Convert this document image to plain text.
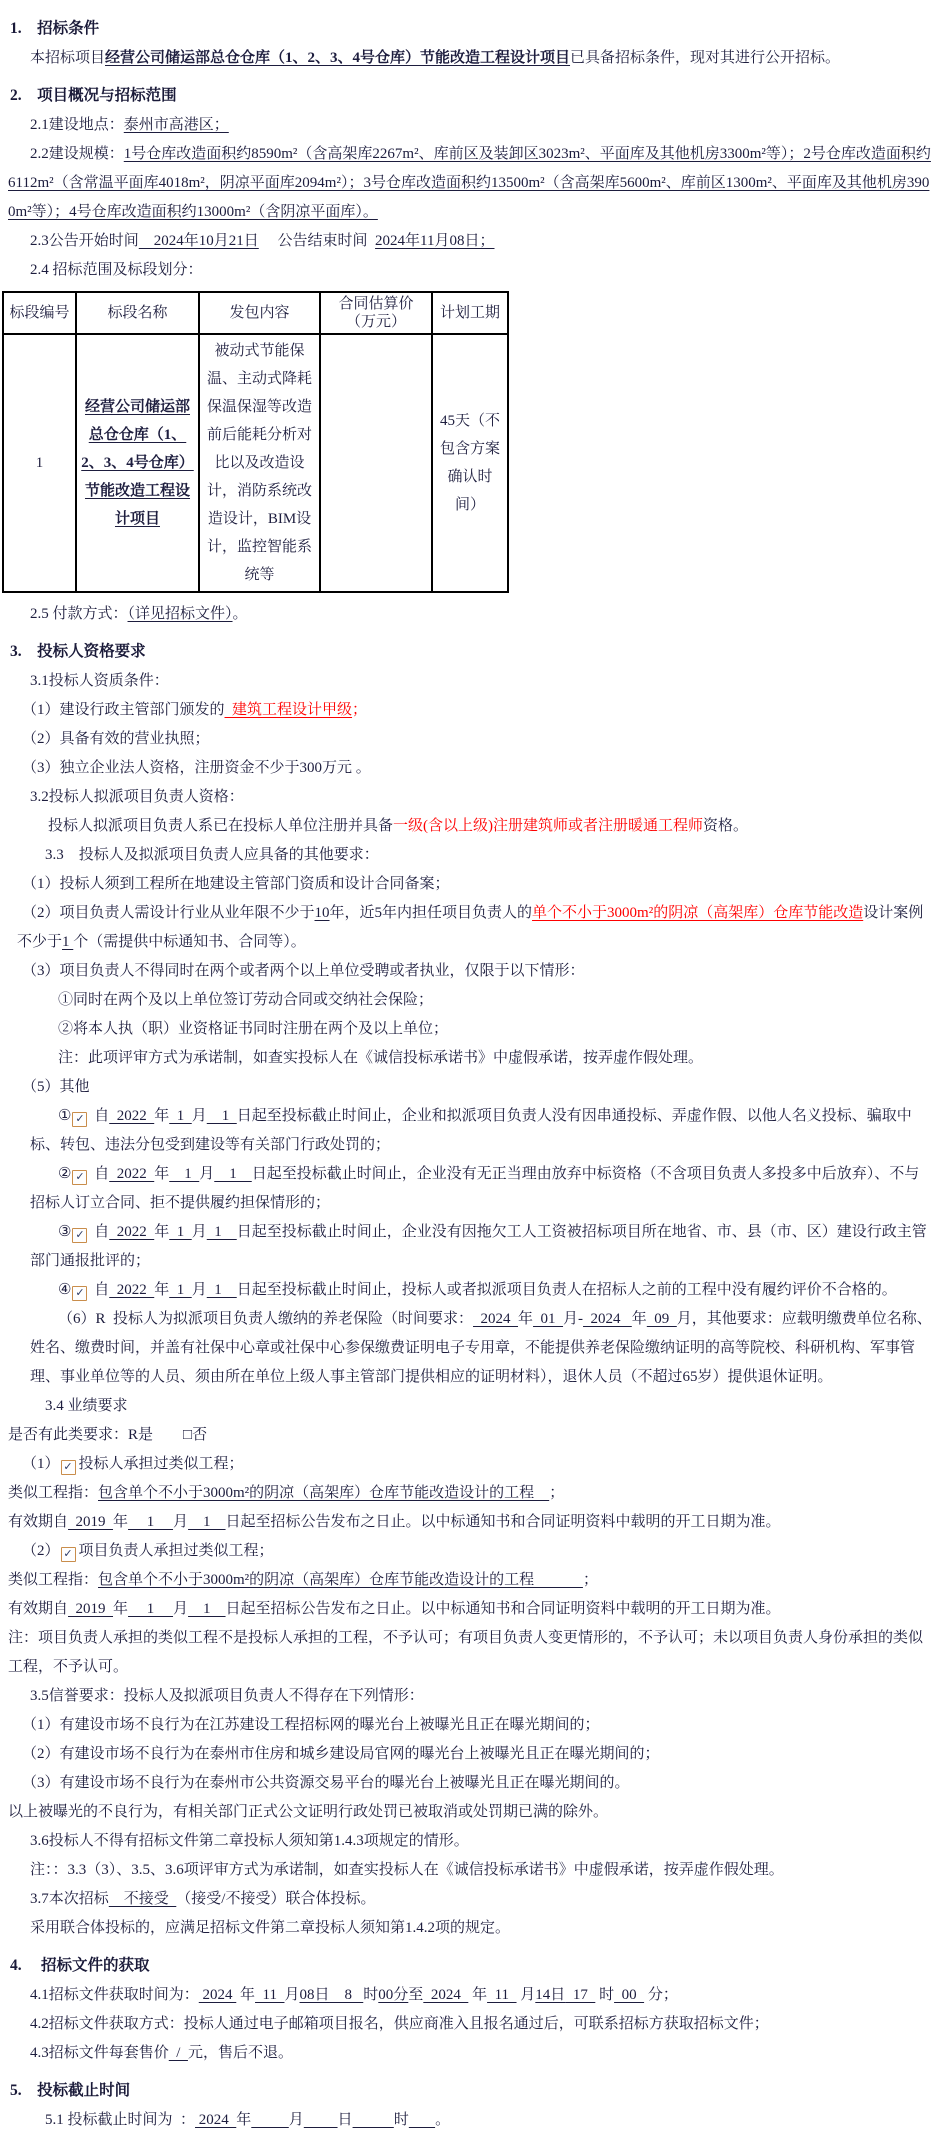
1.　招标条件
本招标项目经营公司储运部总仓仓库（1、2、3、4号仓库）节能改造工程设计项目已具备招标条件，现对其进行公开招标。
2.　项目概况与招标范围
2.1建设地点：泰州市高港区；
2.2建设规模：1号仓库改造面积约8590m²（含高架库2267m²、库前区及装卸区3023m²、平面库及其他机房3300m²等）；2号仓库改造面积约6112m²（含常温平面库4018m²，阴凉平面库2094m²）；3号仓库改造面积约13500m²（含高架库5600m²、库前区1300m²、平面库及其他机房3900m²等）；4号仓库改造面积约13000m²（含阴凉平面库）。
2.3公告开始时间    2024年10月21日     公告结束时间  2024年11月08日；
2.4 招标范围及标段划分：
标段编号	标段名称	发包内容	合同估算价（万元）	计划工期
1	经营公司储运部总仓仓库（1、2、3、4号仓库）节能改造工程设计项目	被动式节能保温、主动式降耗保温保湿等改造前后能耗分析对比以及改造设计，消防系统改造设计，BIM设计，监控智能系统等		45天（不包含方案确认时间）
2.5 付款方式：（详见招标文件）。
3.　投标人资格要求
3.1投标人资质条件：
（1）建设行政主管部门颁发的  建筑工程设计甲级；
（2）具备有效的营业执照；
（3）独立企业法人资格，注册资金不少于300万元 。
3.2投标人拟派项目负责人资格：
投标人拟派项目负责人系已在投标人单位注册并具备一级(含以上级)注册建筑师或者注册暖通工程师资格。
3.3　投标人及拟派项目负责人应具备的其他要求：
（1）投标人须到工程所在地建设主管部门资质和设计合同备案；
（2）项目负责人需设计行业从业年限不少于10年，近5年内担任项目负责人的单个不小于3000m²的阴凉（高架库）仓库节能改造设计案例不少于1 个（需提供中标通知书、合同等）。
（3）项目负责人不得同时在两个或者两个以上单位受聘或者执业，仅限于以下情形：
①同时在两个及以上单位签订劳动合同或交纳社会保险；
②将本人执（职）业资格证书同时注册在两个及以上单位；
注：此项评审方式为承诺制，如查实投标人在《诚信投标承诺书》中虚假承诺，按弄虚作假处理。
（5）其他
① ✓ 自  2022  年  1  月    1  日起至投标截止时间止，企业和拟派项目负责人没有因串通投标、弄虚作假、以他人名义投标、骗取中标、转包、违法分包受到建设等有关部门行政处罚的；
② ✓ 自  2022  年    1  月    1    日起至投标截止时间止，企业没有无正当理由放弃中标资格（不含项目负责人多投多中后放弃）、不与招标人订立合同、拒不提供履约担保情形的；
③ ✓ 自  2022  年  1  月  1    日起至投标截止时间止，企业没有因拖欠工人工资被招标项目所在地省、市、县（市、区）建设行政主管部门通报批评的；
④ ✓ 自  2022  年  1  月  1    日起至投标截止时间止，投标人或者拟派项目负责人在招标人之前的工程中没有履约评价不合格的。
（6）R  投标人为拟派项目负责人缴纳的养老保险（时间要求：  2024  年  01  月-  2024   年  09  月，其他要求：应载明缴费单位名称、姓名、缴费时间，并盖有社保中心章或社保中心参保缴费证明电子专用章，不能提供养老保险缴纳证明的高等院校、科研机构、军事管理、事业单位等的人员、须由所在单位上级人事主管部门提供相应的证明材料），退休人员（不超过65岁）提供退休证明。
3.4 业绩要求
是否有此类要求：R是　　□否
（1） ✓ 投标人承担过类似工程；
类似工程指：包含单个不小于3000m²的阴凉（高架库）仓库节能改造设计的工程    ；
有效期自  2019  年     1     月    1    日起至招标公告发布之日止。以中标通知书和合同证明资料中载明的开工日期为准。
（2） ✓ 项目负责人承担过类似工程；
类似工程指：包含单个不小于3000m²的阴凉（高架库）仓库节能改造设计的工程             ；
有效期自  2019  年     1     月    1    日起至招标公告发布之日止。以中标通知书和合同证明资料中载明的开工日期为准。
注：项目负责人承担的类似工程不是投标人承担的工程，不予认可；有项目负责人变更情形的，不予认可；未以项目负责人身份承担的类似工程，不予认可。
3.5信誉要求：投标人及拟派项目负责人不得存在下列情形：
（1）有建设市场不良行为在江苏建设工程招标网的曝光台上被曝光且正在曝光期间的；
（2）有建设市场不良行为在泰州市住房和城乡建设局官网的曝光台上被曝光且正在曝光期间的；
（3）有建设市场不良行为在泰州市公共资源交易平台的曝光台上被曝光且正在曝光期间的。
以上被曝光的不良行为，有相关部门正式公文证明行政处罚已被取消或处罚期已满的除外。
3.6投标人不得有招标文件第二章投标人须知第1.4.3项规定的情形。
注：：3.3（3）、3.5、3.6项评审方式为承诺制，如查实投标人在《诚信投标承诺书》中虚假承诺，按弄虚作假处理。
3.7本次招标    不接受  （接受/不接受）联合体投标。
采用联合体投标的，应满足招标文件第二章投标人须知第1.4.2项的规定。
4.　 招标文件的获取
4.1招标文件获取时间为： 2024  年  11  月08日    8   时00分至  2024   年  11   月14日  17   时  00   分；
4.2招标文件获取方式：投标人通过电子邮箱项目报名，供应商准入且报名通过后，可联系招标方获取招标文件；
4.3招标文件每套售价  /  元，售后不退。
5.　投标截止时间
5.1 投标截止时间为  ： 2024  年	月 日	时 。
